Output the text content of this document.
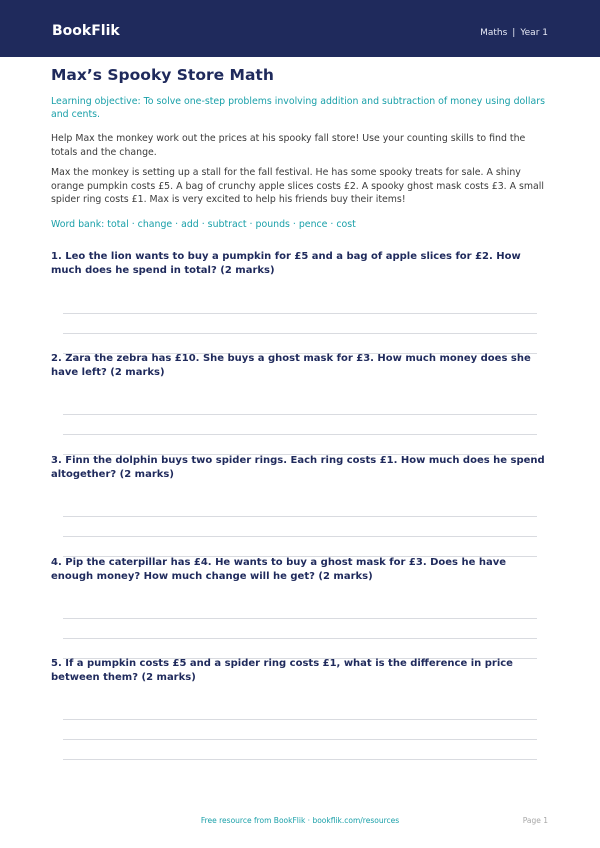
BookFlik	Maths | Year 1
Max’s Spooky Store Math

Learning objective: To solve one-step problems involving addition and subtraction of money using dollars and cents.

Help Max the monkey work out the prices at his spooky fall store! Use your counting skills to find the totals and the change.

Max the monkey is setting up a stall for the fall festival. He has some spooky treats for sale. A shiny orange pumpkin costs £5. A bag of crunchy apple slices costs £2. A spooky ghost mask costs £3. A small spider ring costs £1. Max is very excited to help his friends buy their items!

Word bank: total · change · add · subtract · pounds · pence · cost

1. Leo the lion wants to buy a pumpkin for £5 and a bag of apple slices for £2. How much does he spend in total? (2 marks)

2. Zara the zebra has £10. She buys a ghost mask for £3. How much money does she have left? (2 marks)

3. Finn the dolphin buys two spider rings. Each ring costs £1. How much does he spend altogether? (2 marks)

4. Pip the caterpillar has £4. He wants to buy a ghost mask for £3. Does he have enough money? How much change will he get? (2 marks)

5. If a pumpkin costs £5 and a spider ring costs £1, what is the difference in price between them? (2 marks)

Free resource from BookFlik · bookflik.com/resources	Page 1
